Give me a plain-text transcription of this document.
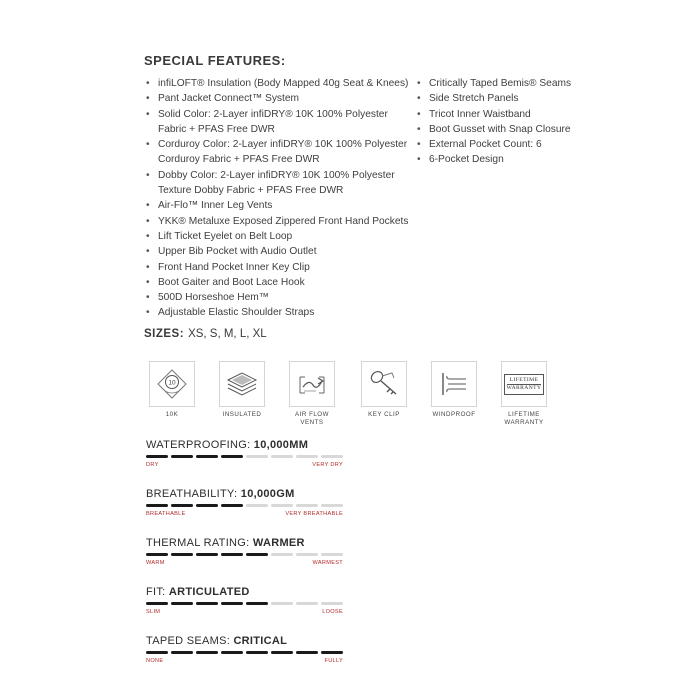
SPECIAL FEATURES:
• infiLOFT® Insulation (Body Mapped 40g Seat & Knees)
• Pant Jacket Connect™ System
• Solid Color: 2-Layer infiDRY® 10K 100% Polyester Fabric + PFAS Free DWR
• Corduroy Color: 2-Layer infiDRY® 10K 100% Polyester Corduroy Fabric + PFAS Free DWR
• Dobby Color: 2-Layer infiDRY® 10K 100% Polyester Texture Dobby Fabric + PFAS Free DWR
• Air-Flo™ Inner Leg Vents
• YKK® Metaluxe Exposed Zippered Front Hand Pockets
• Lift Ticket Eyelet on Belt Loop
• Upper Bib Pocket with Audio Outlet
• Front Hand Pocket Inner Key Clip
• Boot Gaiter and Boot Lace Hook
• 500D Horseshoe Hem™
• Adjustable Elastic Shoulder Straps
• Critically Taped Bemis® Seams
• Side Stretch Panels
• Tricot Inner Waistband
• Boot Gusset with Snap Closure
• External Pocket Count: 6
• 6-Pocket Design
SIZES: XS, S, M, L, XL
10
10K	INSULATED	AIR FLOW VENTS
KEY CLIP	WINDPROOF
LIFETIME
WARRANTY
LIFETIME WARRANTY
WATERPROOFING: 10,000MM
DRY	VERY DRY
BREATHABILITY: 10,000GM
BREATHABLE	VERY BREATHABLE
THERMAL RATING: WARMER
WARM	WARMEST
FIT: ARTICULATED
SLIM	LOOSE
TAPED SEAMS: CRITICAL
NONE	FULLY
